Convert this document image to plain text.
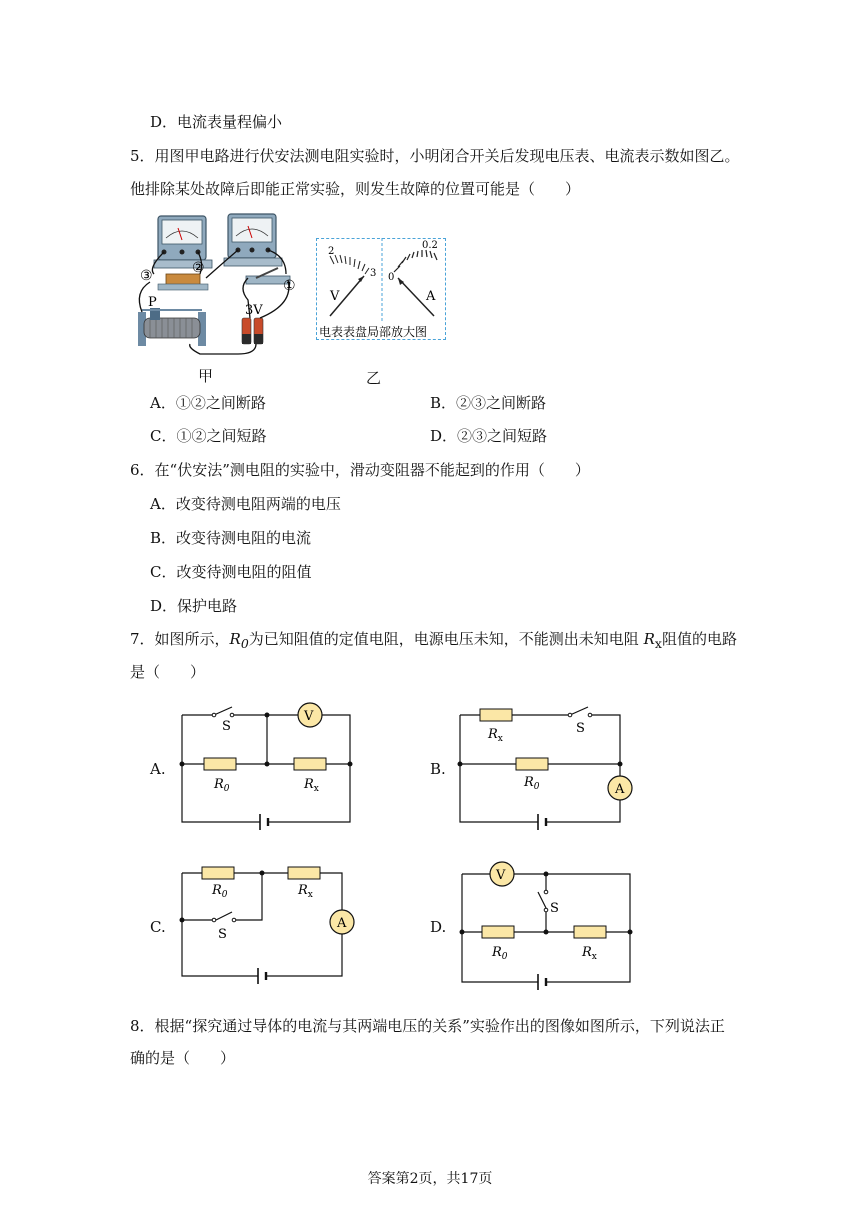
D．电流表量程偏小
5．用图甲电路进行伏安法测电阻实验时，小明闭合开关后发现电压表、电流表示数如图乙。
他排除某处故障后即能正常实验，则发生故障的位置可能是（　　）
③	②
①
P
3V
2
3
V
0
0.2
A
电表表盘局部放大图
甲	乙
A．①②之间断路	B．②③之间断路
C．①②之间短路	D．②③之间短路
6．在“伏安法”测电阻的实验中，滑动变阻器不能起到的作用（　　）
A．改变待测电阻两端的电压
B．改变待测电阻的电流
C．改变待测电阻的阻值
D．保护电路
7．如图所示，$R_0$为已知阻值的定值电阻，电源电压未知，不能测出未知电阻 $R_x$阻值的电路
是（　　）
A.
S
V
$R_0$	$R_x$
B.
S
A
$R_x$
$R_0$
C.	S
A
$R_0$	$R_x$
D.
V
S
$R_0$	$R_x$
8．根据“探究通过导体的电流与其两端电压的关系”实验作出的图像如图所示，下列说法正
确的是（　　）
答案第2页，共17页
